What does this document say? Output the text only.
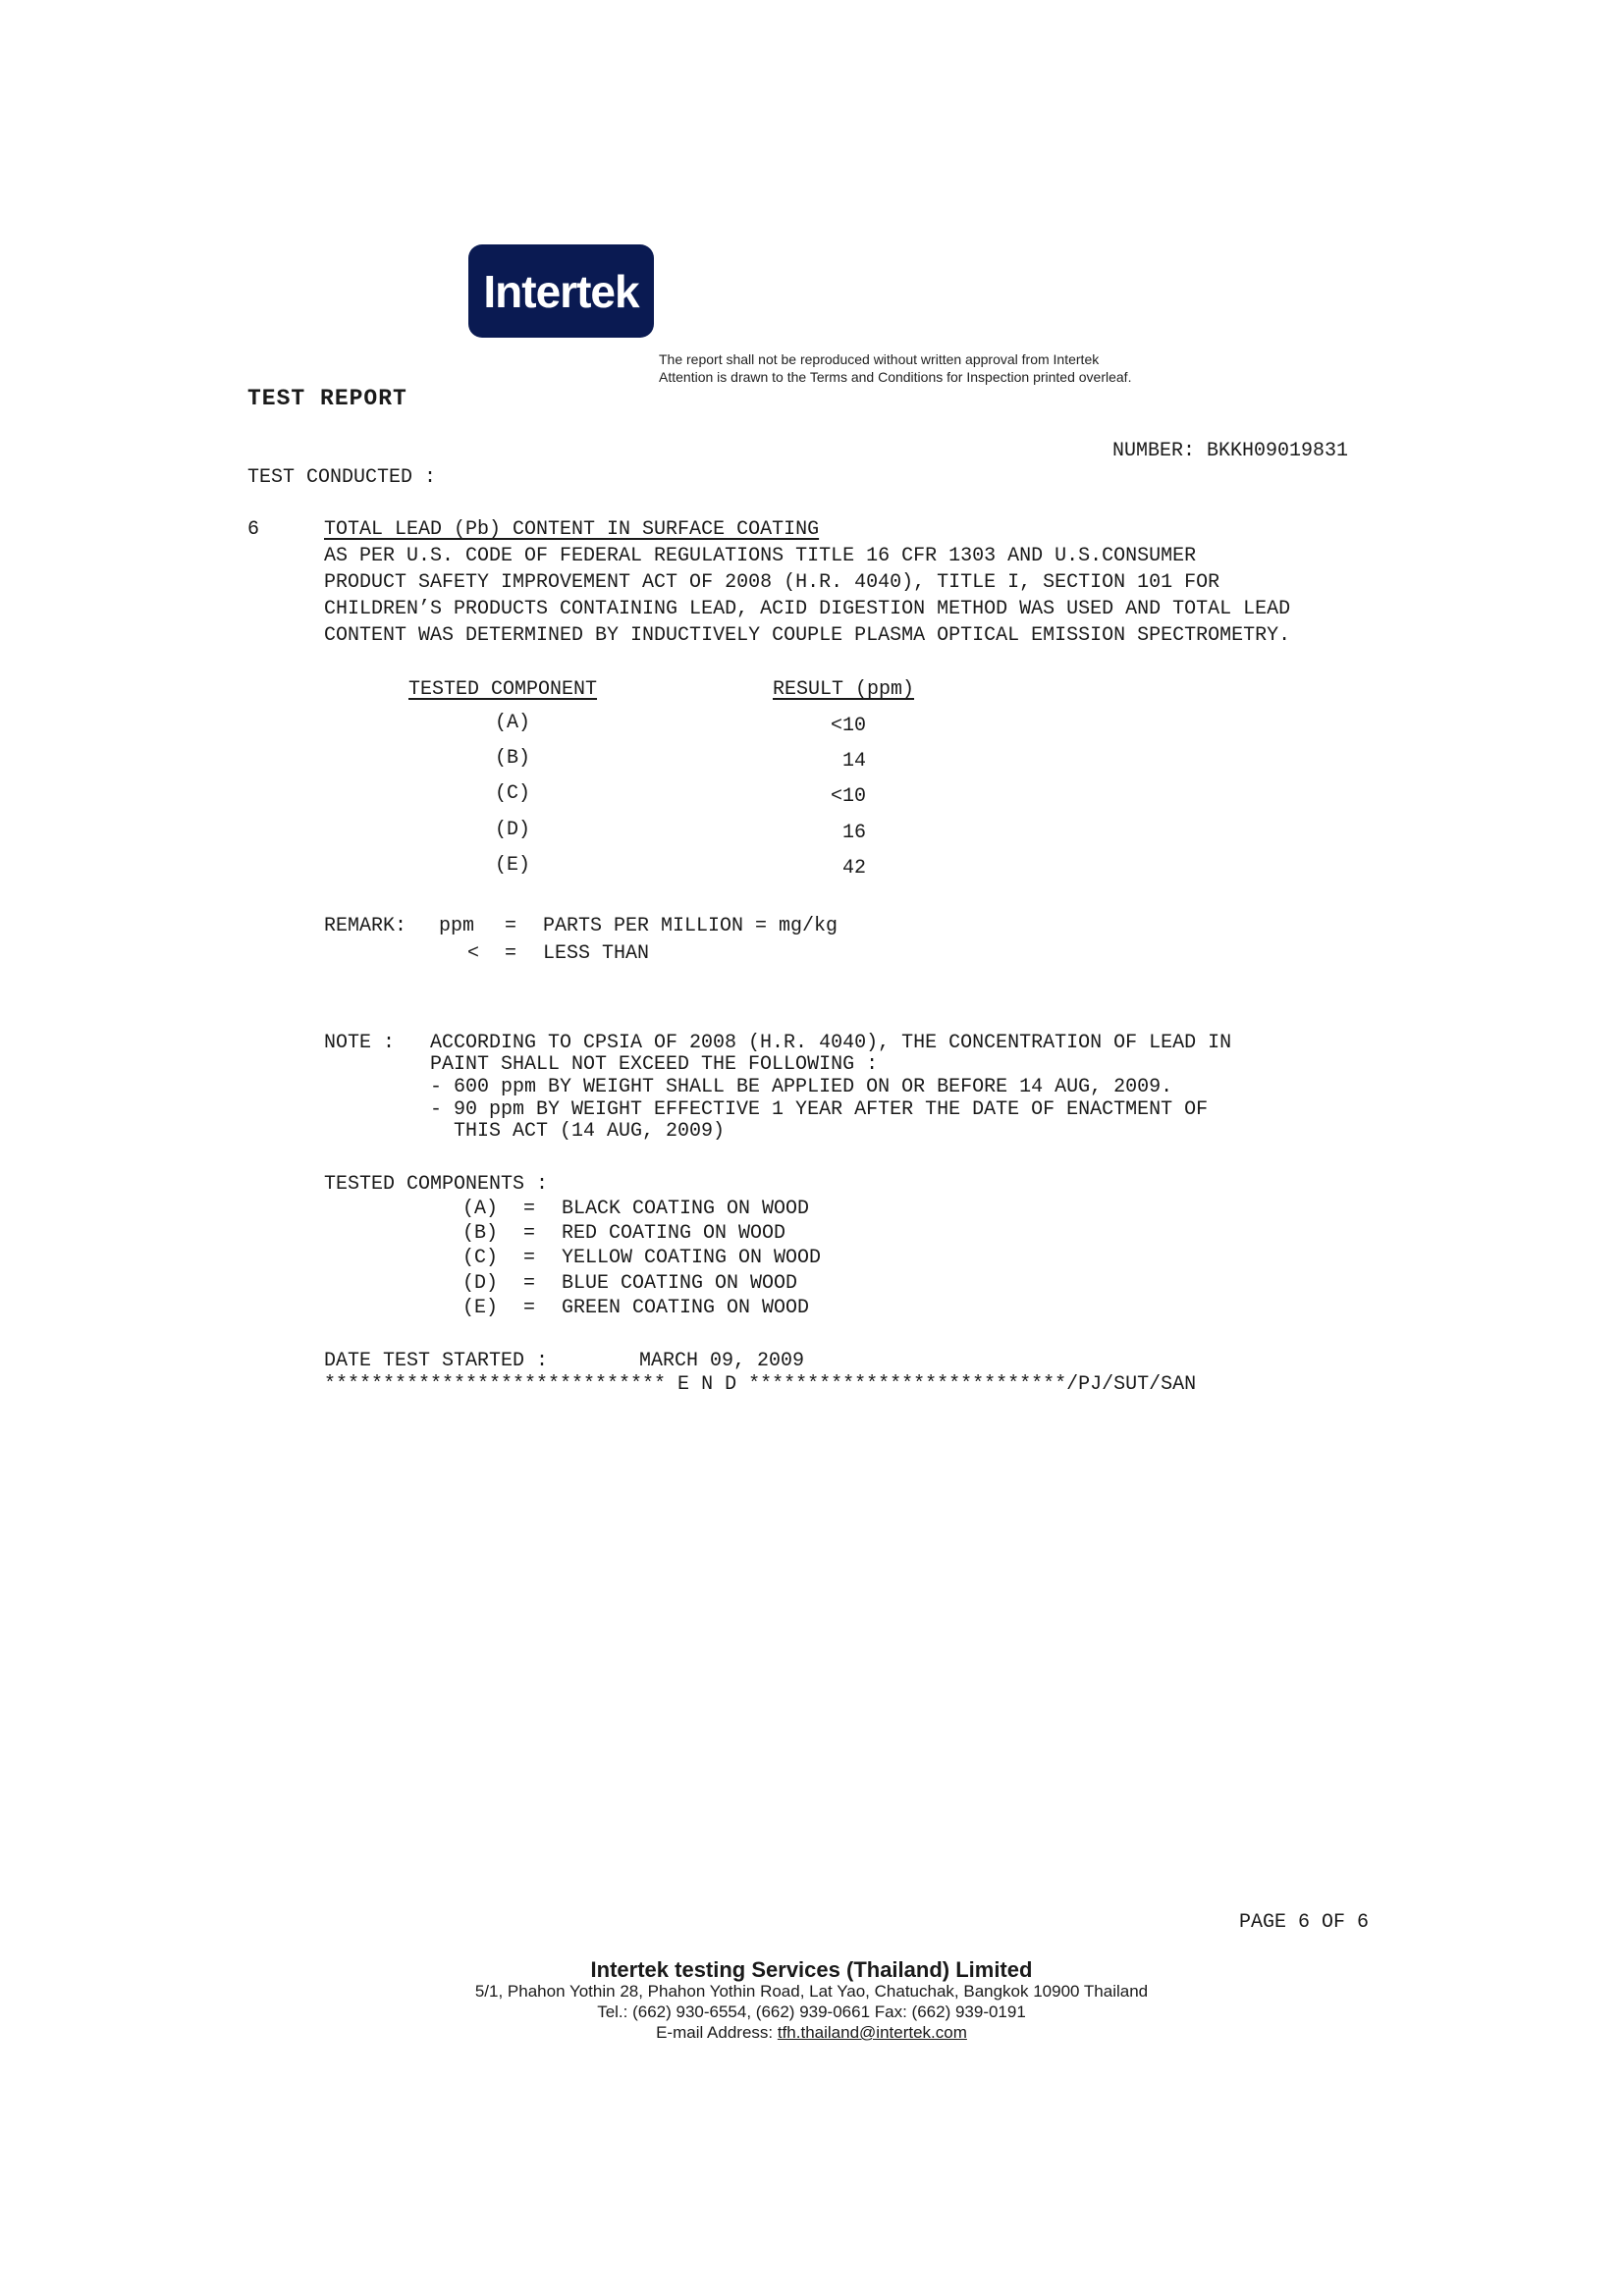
Intertek
The report shall not be reproduced without written approval from Intertek
Attention is drawn to the Terms and Conditions for Inspection printed overleaf.
TEST REPORT
NUMBER: BKKH09019831
TEST CONDUCTED :
6	TOTAL LEAD (Pb) CONTENT IN SURFACE COATING
AS PER U.S. CODE OF FEDERAL REGULATIONS TITLE 16 CFR 1303 AND U.S.CONSUMER
PRODUCT SAFETY IMPROVEMENT ACT OF 2008 (H.R. 4040), TITLE I, SECTION 101 FOR
CHILDREN’S PRODUCTS CONTAINING LEAD, ACID DIGESTION METHOD WAS USED AND TOTAL LEAD
CONTENT WAS DETERMINED BY INDUCTIVELY COUPLE PLASMA OPTICAL EMISSION SPECTROMETRY.
TESTED COMPONENT	RESULT (ppm)
(A)	<10
(B)	14
(C)	<10
(D)	16
(E)	42
REMARK: ppm = PARTS PER MILLION = mg/kg
< = LESS THAN
NOTE : ACCORDING TO CPSIA OF 2008 (H.R. 4040), THE CONCENTRATION OF LEAD IN
PAINT SHALL NOT EXCEED THE FOLLOWING :
- 600 ppm BY WEIGHT SHALL BE APPLIED ON OR BEFORE 14 AUG, 2009.
- 90 ppm BY WEIGHT EFFECTIVE 1 YEAR AFTER THE DATE OF ENACTMENT OF
THIS ACT (14 AUG, 2009)
TESTED COMPONENTS :
(A) = BLACK COATING ON WOOD
(B) = RED COATING ON WOOD
(C) = YELLOW COATING ON WOOD
(D) = BLUE COATING ON WOOD
(E) = GREEN COATING ON WOOD
DATE TEST STARTED :	MARCH 09, 2009
***************************** E N D ***************************/PJ/SUT/SAN
PAGE 6 OF 6
Intertek testing Services (Thailand) Limited
5/1, Phahon Yothin 28, Phahon Yothin Road, Lat Yao, Chatuchak, Bangkok 10900 Thailand
Tel.: (662) 930-6554, (662) 939-0661 Fax: (662) 939-0191
E-mail Address: tfh.thailand@intertek.com
